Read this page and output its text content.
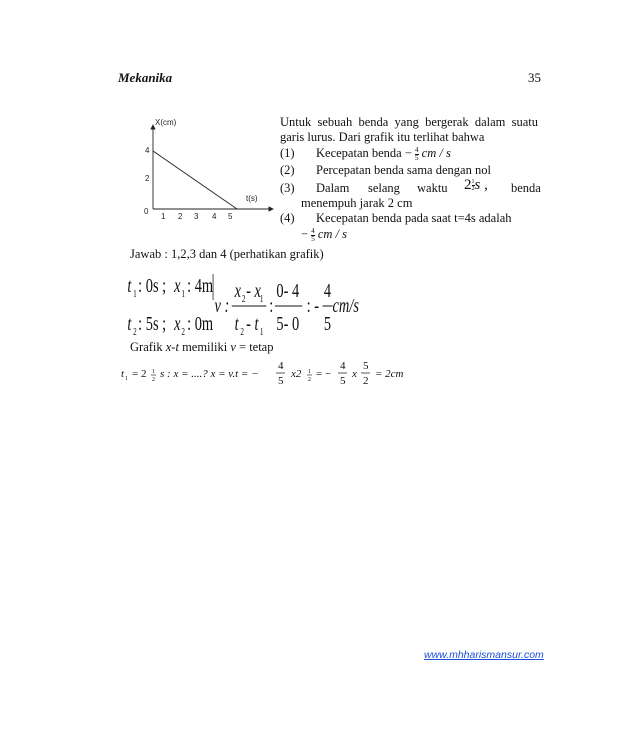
Mekanika	35
X(cm)
t(s)
0
4
2
1 2 3 4 5
Untuk sebuah benda yang bergerak dalam suatu
garis lurus. Dari grafik itu terlihat bahwa
(1) Kecepatan benda − $\frac{4}{5}$ cm / s
(2) Percepatan benda sama dengan nol
(3) Dalam selang waktu $2 \frac{1}{2}$ s , benda
menempuh jarak 2 cm
(4) Kecepatan benda pada saat t=4s adalah
− $\frac{4}{5}$ cm / s
Jawab : 1,2,3 dan 4 (perhatikan grafik)
t 1 : 0s ; x 1 : 4m
t 2 : 5s ; x 2 : 0m
v :
x 2 - x
1
t 2 - t 1
:
0- 4
5- 0
: -
4
5
cm/s
Grafik x-t memiliki v = tetap
t 1 = 2 1
2 s : x = ....? x = v.t = −
4
5
x2 1
2 = −
4
5
x
5
2
= 2cm
www.mhharismansur.com
